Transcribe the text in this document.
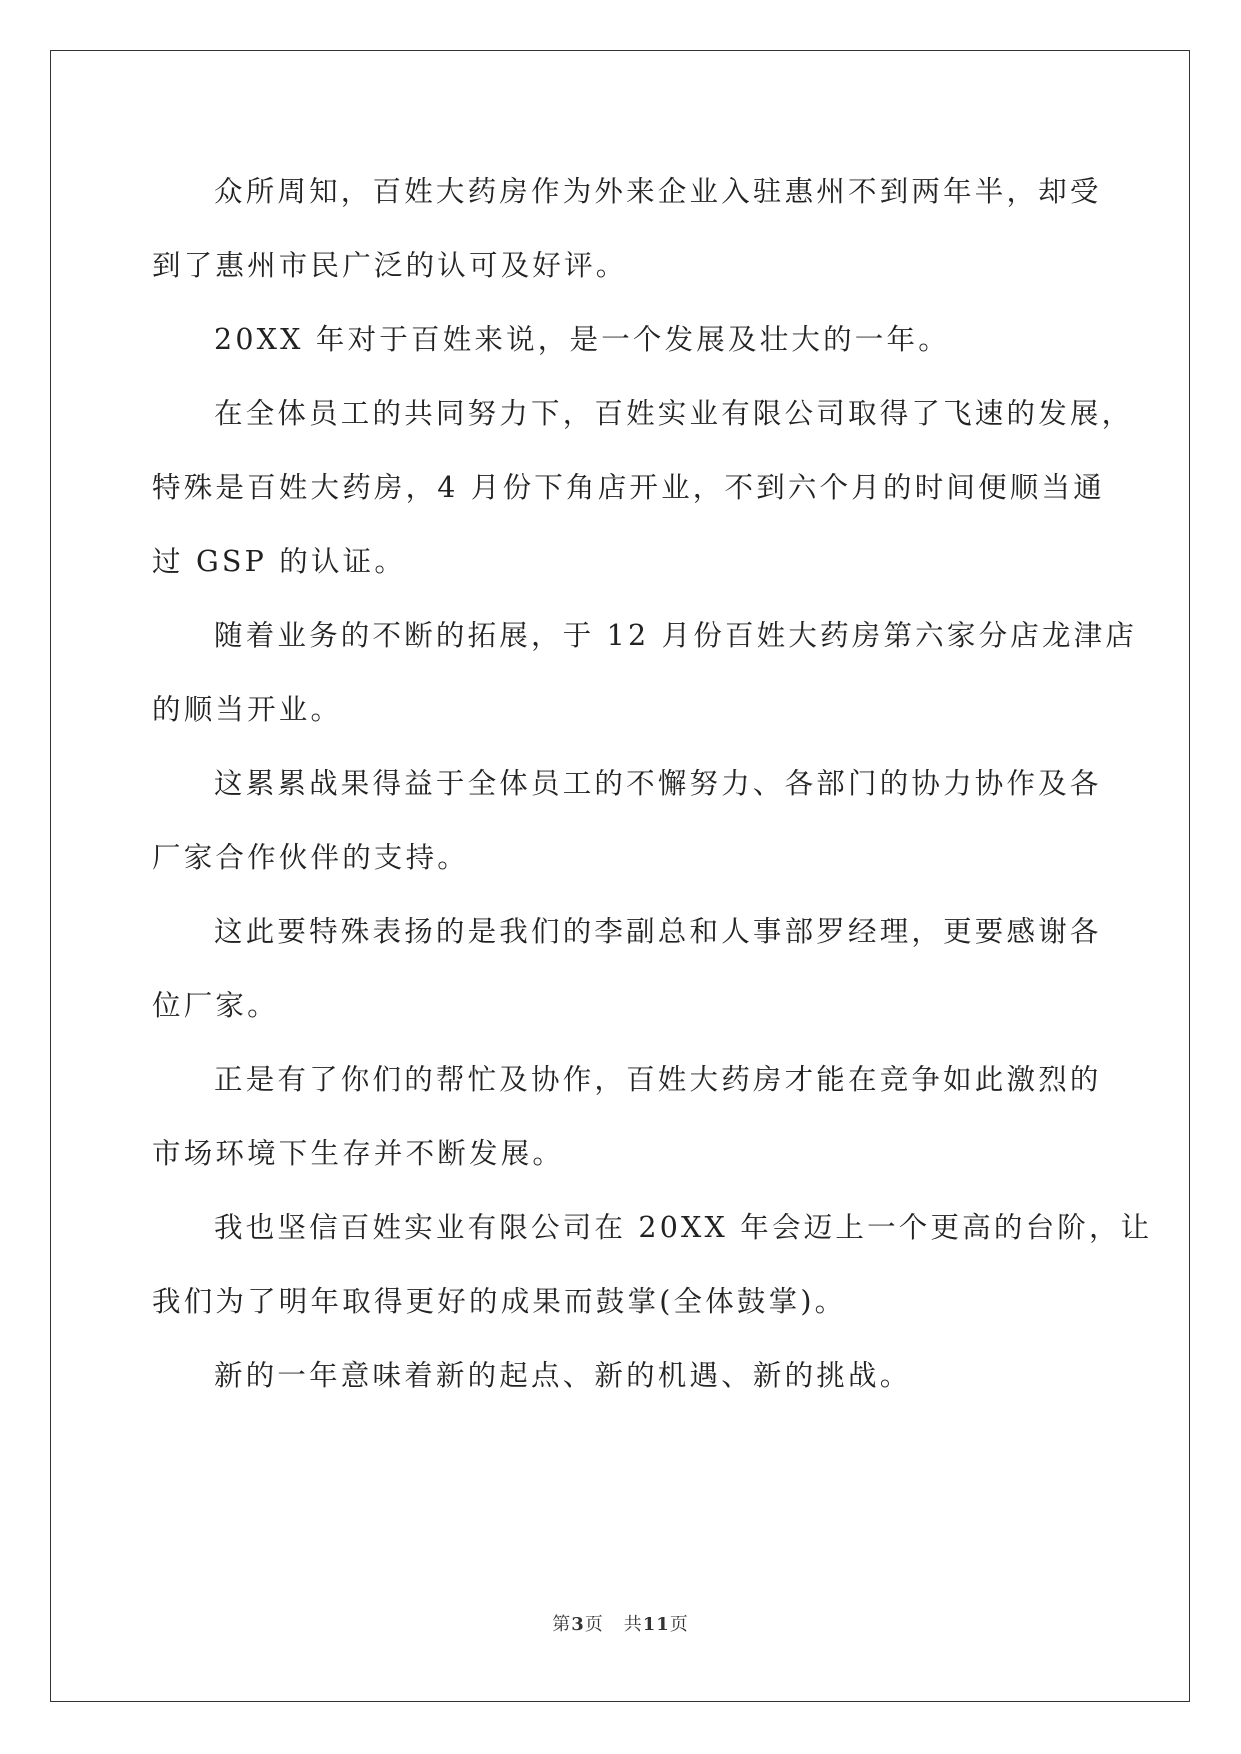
众所周知，百姓大药房作为外来企业入驻惠州不到两年半，却受
到了惠州市民广泛的认可及好评。
20XX 年对于百姓来说，是一个发展及壮大的一年。
在全体员工的共同努力下，百姓实业有限公司取得了飞速的发展，
特殊是百姓大药房，4 月份下角店开业，不到六个月的时间便顺当通
过 GSP 的认证。
随着业务的不断的拓展，于 12 月份百姓大药房第六家分店龙津店
的顺当开业。
这累累战果得益于全体员工的不懈努力、各部门的协力协作及各
厂家合作伙伴的支持。
这此要特殊表扬的是我们的李副总和人事部罗经理，更要感谢各
位厂家。
正是有了你们的帮忙及协作，百姓大药房才能在竞争如此激烈的
市场环境下生存并不断发展。
我也坚信百姓实业有限公司在 20XX 年会迈上一个更高的台阶，让
我们为了明年取得更好的成果而鼓掌(全体鼓掌)。
新的一年意味着新的起点、新的机遇、新的挑战。
第3页 共11页
